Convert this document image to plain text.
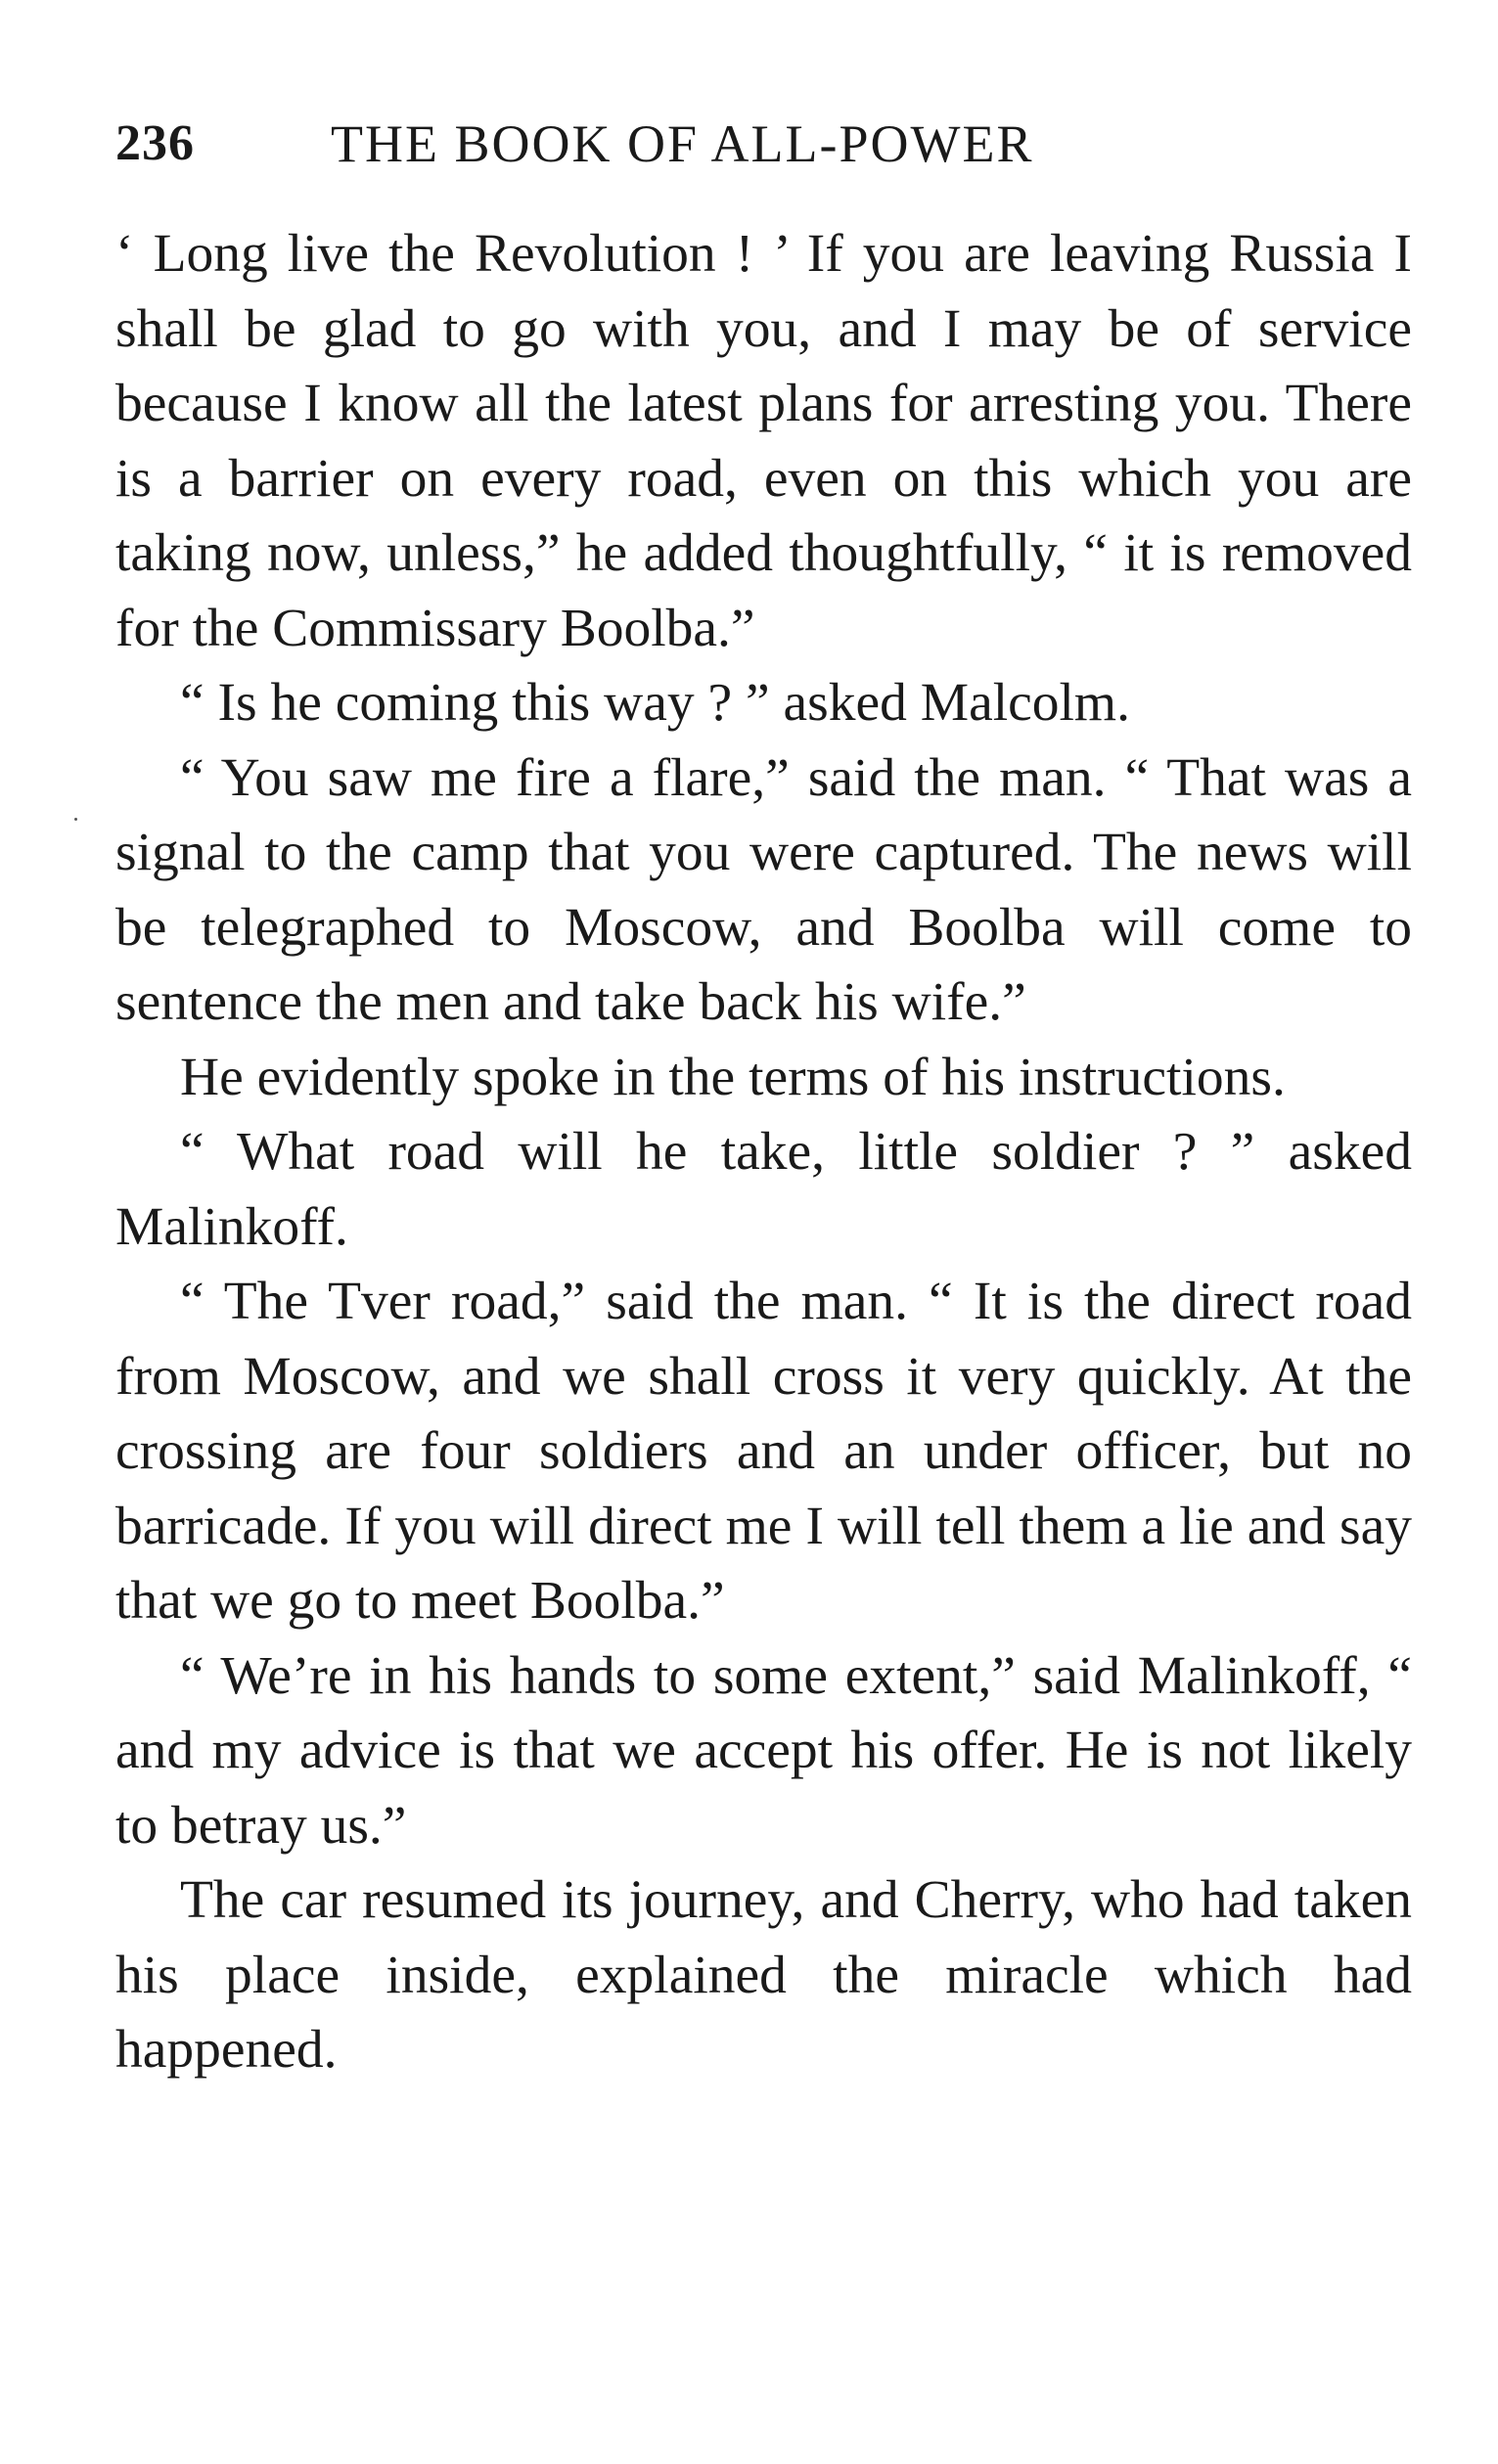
236	THE BOOK OF ALL-POWER

‘ Long live the Revolution ! ’ If you are leaving Russia I shall be glad to go with you, and I may be of service because I know all the latest plans for arresting you. There is a barrier on every road, even on this which you are taking now, unless,” he added thoughtfully, “ it is removed for the Commissary Boolba.”

“ Is he coming this way ? ” asked Malcolm.

“ You saw me fire a flare,” said the man. “ That was a signal to the camp that you were captured. The news will be telegraphed to Moscow, and Boolba will come to sentence the men and take back his wife.”

He evidently spoke in the terms of his instructions.

“ What road will he take, little soldier ? ” asked Malinkoff.

“ The Tver road,” said the man. “ It is the direct road from Moscow, and we shall cross it very quickly. At the crossing are four soldiers and an under officer, but no barricade. If you will direct me I will tell them a lie and say that we go to meet Boolba.”

“ We’re in his hands to some extent,” said Malinkoff, “ and my advice is that we accept his offer. He is not likely to betray us.”

The car resumed its journey, and Cherry, who had taken his place inside, explained the miracle which had happened.
